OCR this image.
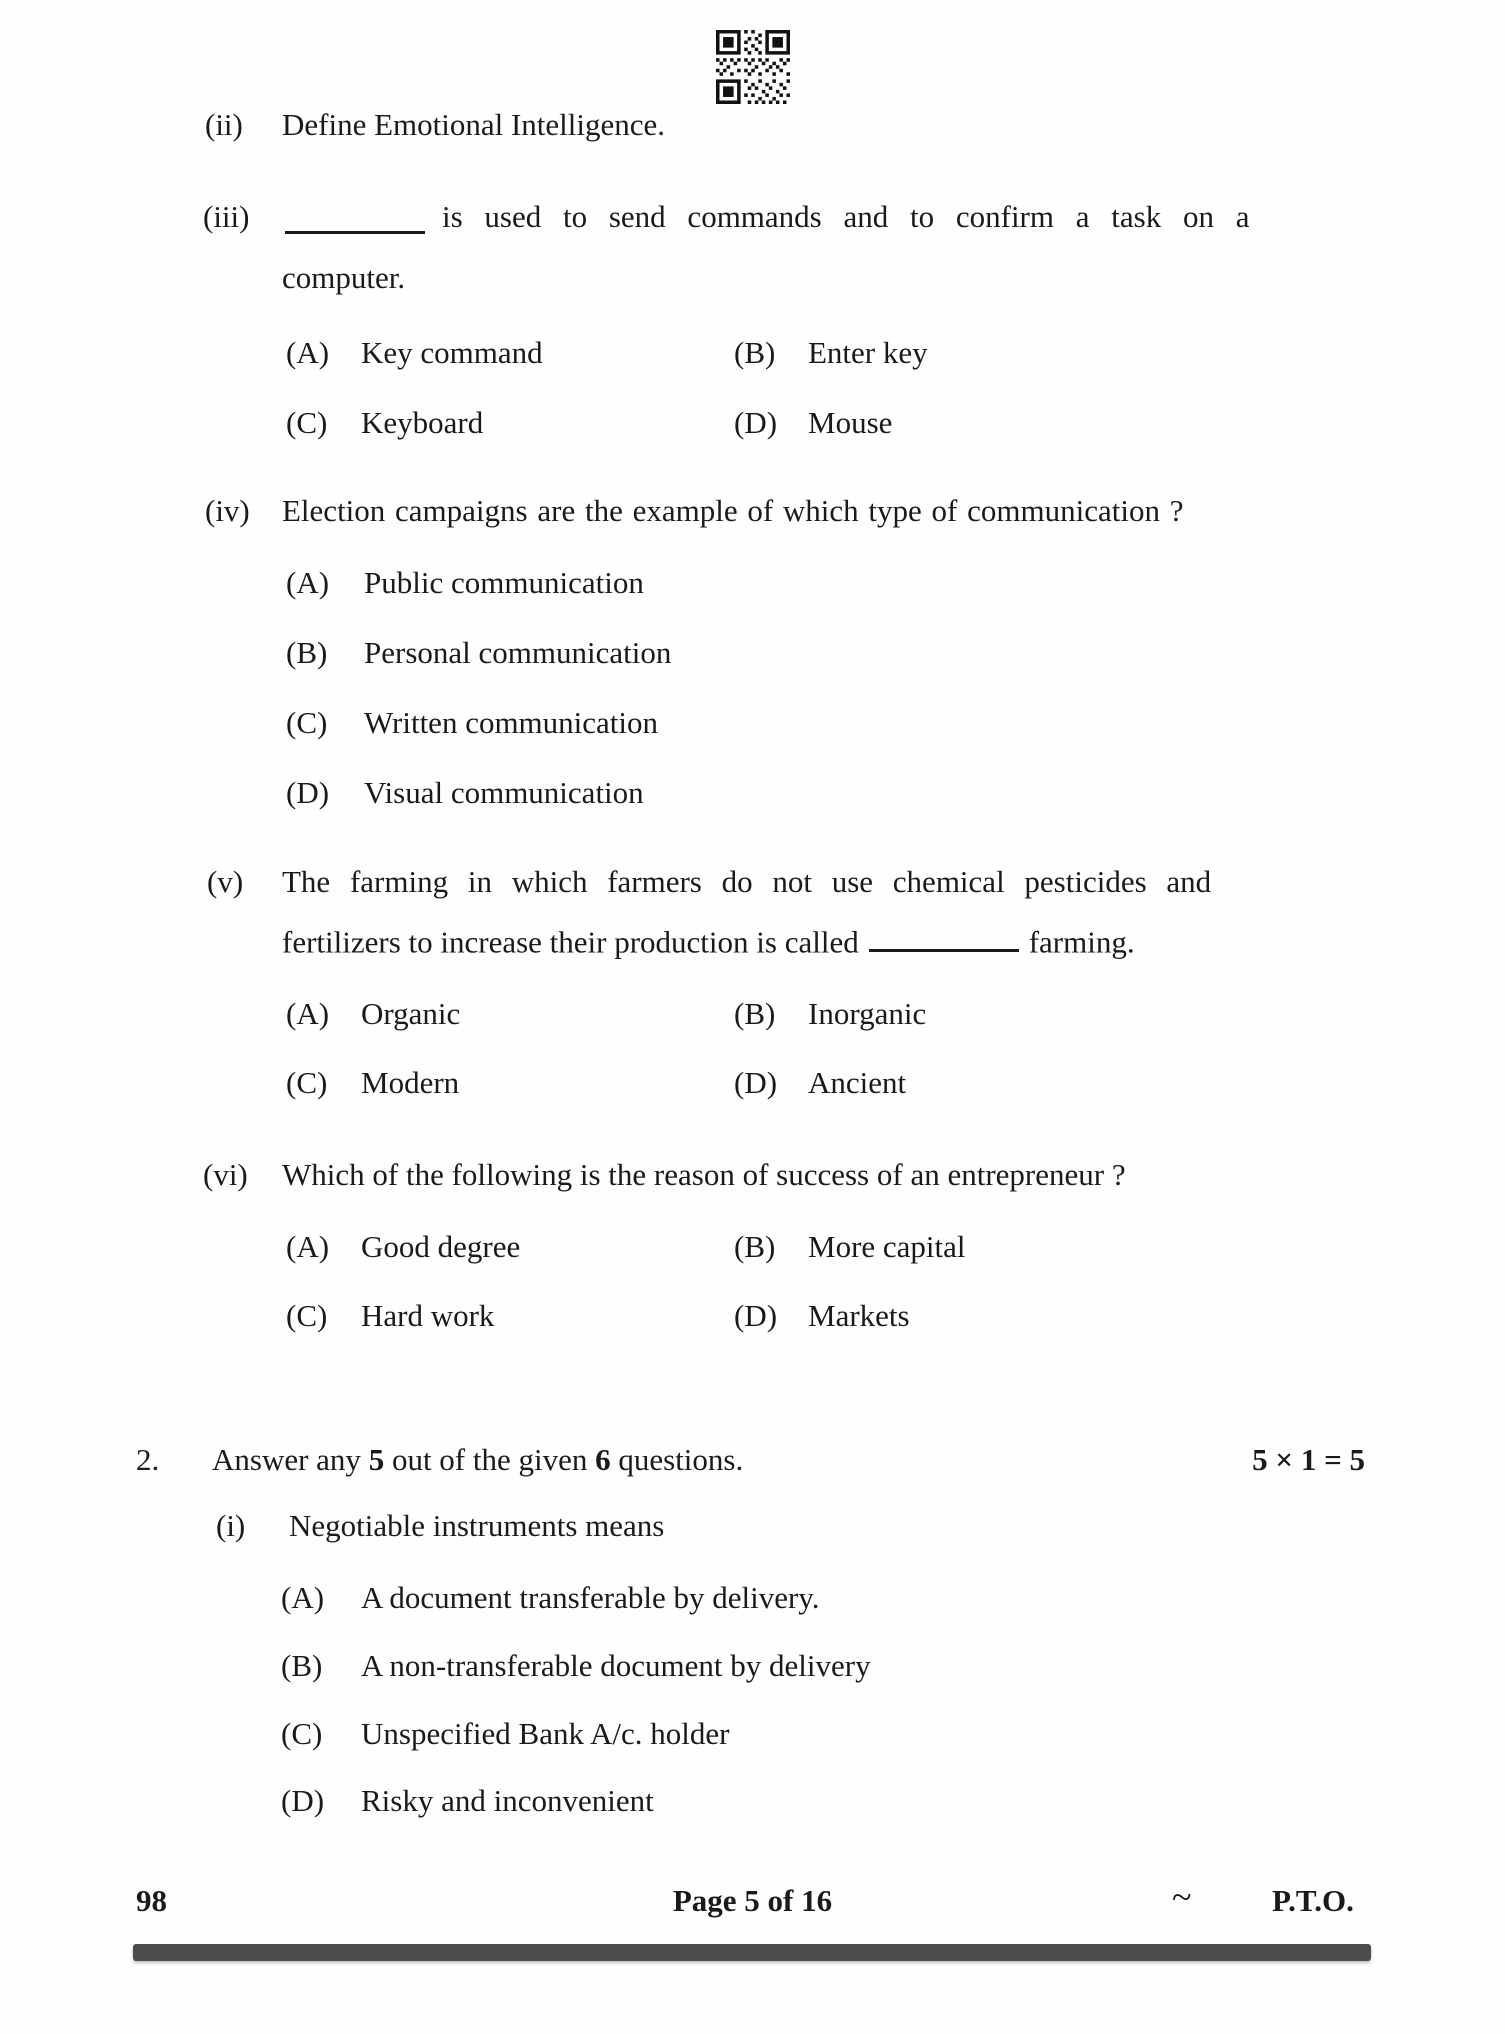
(ii) Define Emotional Intelligence.
(iii)	is used to send commands and to confirm a task on a
computer.
(A) Key command	(B) Enter key
(C) Keyboard	(D) Mouse
(iv) Election campaigns are the example of which type of communication ?
(A) Public communication
(B) Personal communication
(C) Written communication
(D) Visual communication
(v) The farming in which farmers do not use chemical pesticides and
fertilizers to increase their production is called	farming.
(A) Organic	(B) Inorganic
(C) Modern	(D) Ancient
(vi) Which of the following is the reason of success of an entrepreneur ?
(A) Good degree	(B) More capital
(C) Hard work	(D) Markets
2. Answer any 5 out of the given 6 questions.	5 × 1 = 5
(i) Negotiable instruments means
(A) A document transferable by delivery.
(B) A non-transferable document by delivery
(C) Unspecified Bank A/c. holder
(D) Risky and inconvenient
98	Page 5 of 16	~	P.T.O.
